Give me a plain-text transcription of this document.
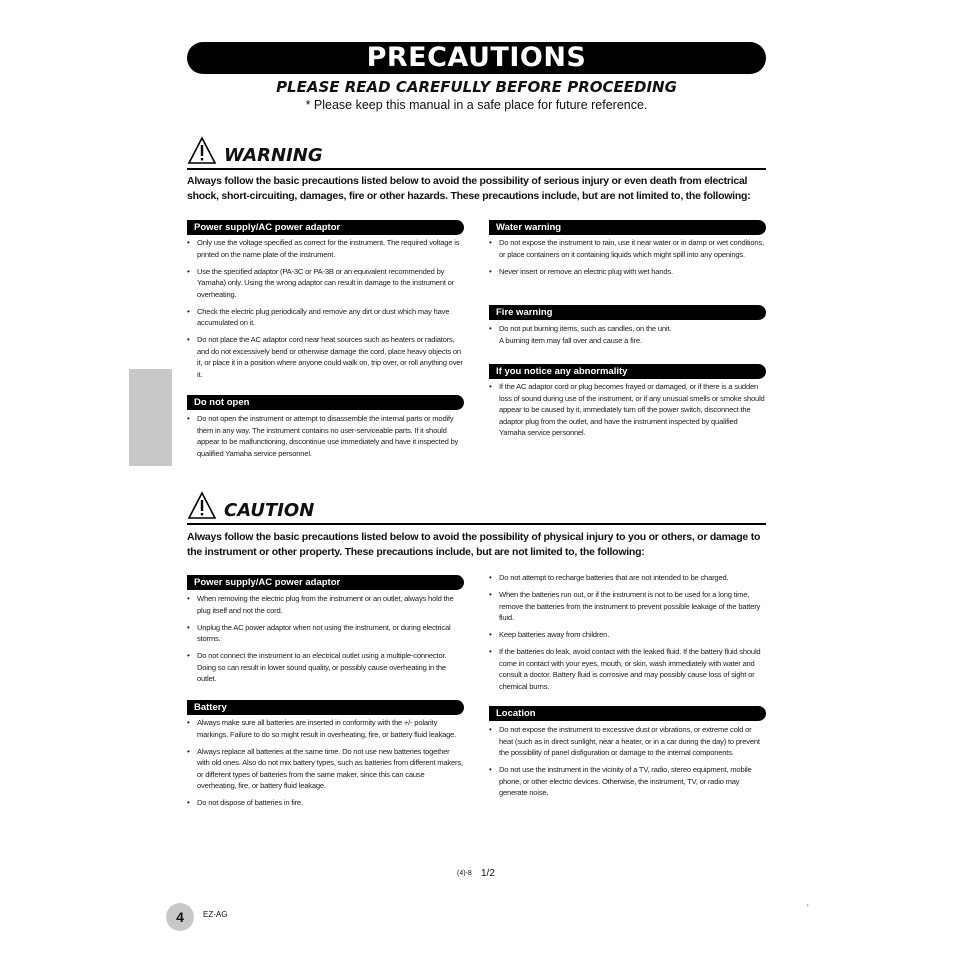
PRECAUTIONS
PLEASE READ CAREFULLY BEFORE PROCEEDING
* Please keep this manual in a safe place for future reference.
WARNING
Always follow the basic precautions listed below to avoid the possibility of serious injury or even death from electrical shock, short-circuiting, damages, fire or other hazards. These precautions include, but are not limited to, the following:
Power supply/AC power adaptor
• Only use the voltage specified as correct for the instrument. The required voltage is printed on the name plate of the instrument.
• Use the specified adaptor (PA-3C or PA-3B or an equivalent recommended by Yamaha) only. Using the wrong adaptor can result in damage to the instrument or overheating.
• Check the electric plug periodically and remove any dirt or dust which may have accumulated on it.
• Do not place the AC adaptor cord near heat sources such as heaters or radiators, and do not excessively bend or otherwise damage the cord, place heavy objects on it, or place it in a position where anyone could walk on, trip over, or roll anything over it.
Do not open
• Do not open the instrument or attempt to disassemble the internal parts or modify them in any way. The instrument contains no user-serviceable parts. If it should appear to be malfunctioning, discontinue use immediately and have it inspected by qualified Yamaha service personnel.
Water warning
• Do not expose the instrument to rain, use it near water or in damp or wet conditions, or place containers on it containing liquids which might spill into any openings.
• Never insert or remove an electric plug with wet hands.
Fire warning
• Do not put burning items, such as candles, on the unit.
A burning item may fall over and cause a fire.
If you notice any abnormality
• If the AC adaptor cord or plug becomes frayed or damaged, or if there is a sudden loss of sound during use of the instrument, or if any unusual smells or smoke should appear to be caused by it, immediately turn off the power switch, disconnect the adaptor plug from the outlet, and have the instrument inspected by qualified Yamaha service personnel.
CAUTION
Always follow the basic precautions listed below to avoid the possibility of physical injury to you or others, or damage to the instrument or other property. These precautions include, but are not limited to, the following:
Power supply/AC power adaptor
• When removing the electric plug from the instrument or an outlet, always hold the plug itself and not the cord.
• Unplug the AC power adaptor when not using the instrument, or during electrical storms.
• Do not connect the instrument to an electrical outlet using a multiple-connector. Doing so can result in lower sound quality, or possibly cause overheating in the outlet.
Battery
• Always make sure all batteries are inserted in conformity with the +/- polarity markings. Failure to do so might result in overheating, fire, or battery fluid leakage.
• Always replace all batteries at the same time. Do not use new batteries together with old ones. Also do not mix battery types, such as batteries from different makers, or different types of batteries from the same maker, since this can cause overheating, fire, or battery fluid leakage.
• Do not dispose of batteries in fire.
• Do not attempt to recharge batteries that are not intended to be charged.
• When the batteries run out, or if the instrument is not to be used for a long time, remove the batteries from the instrument to prevent possible leakage of the battery fluid.
• Keep batteries away from children.
• If the batteries do leak, avoid contact with the leaked fluid. If the battery fluid should come in contact with your eyes, mouth, or skin, wash immediately with water and consult a doctor. Battery fluid is corrosive and may possibly cause loss of sight or chemical burns.
Location
• Do not expose the instrument to excessive dust or vibrations, or extreme cold or heat (such as in direct sunlight, near a heater, or in a car during the day) to prevent the possibility of panel disfiguration or damage to the internal components.
• Do not use the instrument in the vicinity of a TV, radio, stereo equipment, mobile phone, or other electric devices. Otherwise, the instrument, TV, or radio may generate noise.
(4)-8 1/2
4	EZ-AG
²
